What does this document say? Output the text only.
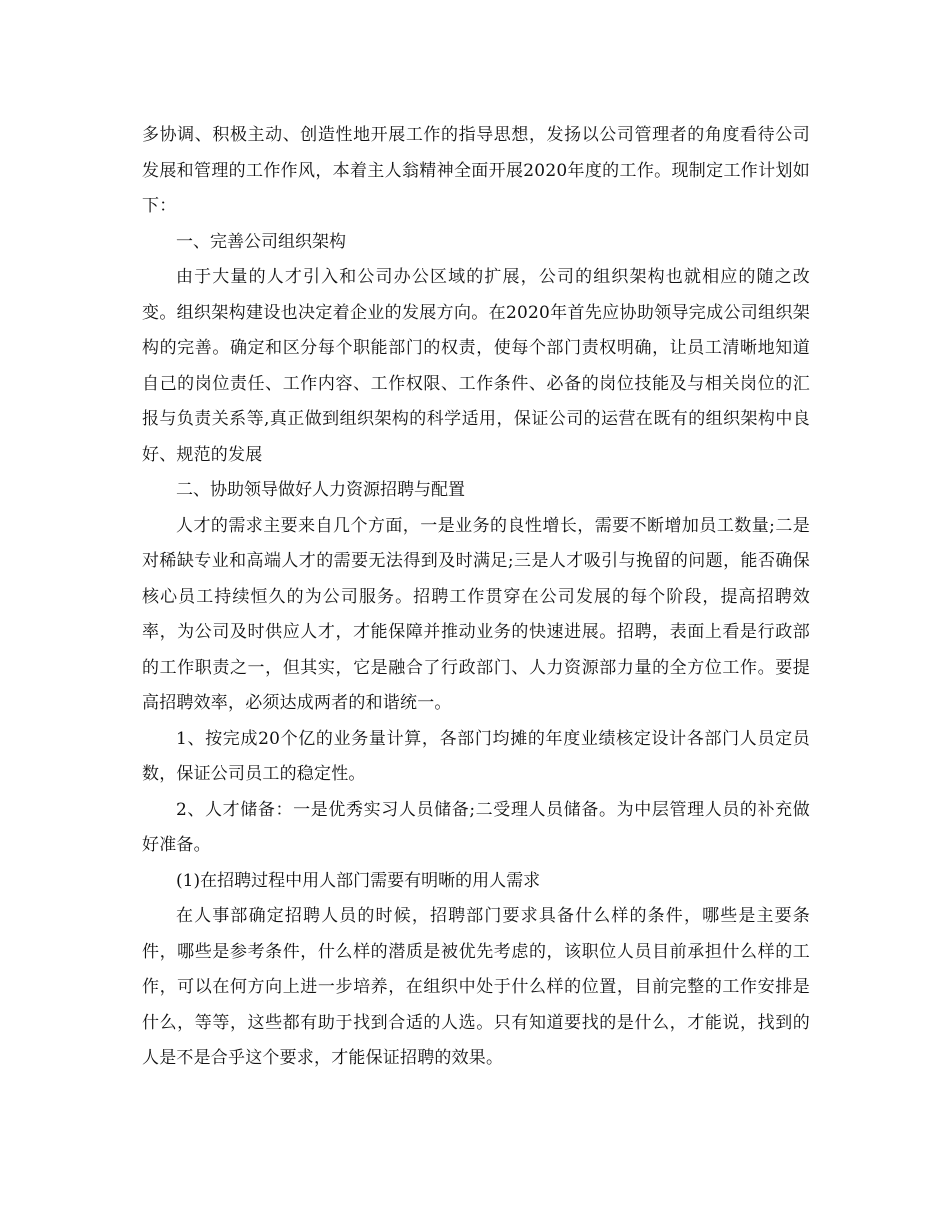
多协调、积极主动、创造性地开展工作的指导思想，发扬以公司管理者的角度看待公司发展和管理的工作作风，本着主人翁精神全面开展2020年度的工作。现制定工作计划如下：

一、完善公司组织架构

由于大量的人才引入和公司办公区域的扩展，公司的组织架构也就相应的随之改变。组织架构建设也决定着企业的发展方向。在2020年首先应协助领导完成公司组织架构的完善。确定和区分每个职能部门的权责，使每个部门责权明确，让员工清晰地知道自己的岗位责任、工作内容、工作权限、工作条件、必备的岗位技能及与相关岗位的汇报与负责关系等,真正做到组织架构的科学适用，保证公司的运营在既有的组织架构中良好、规范的发展

二、协助领导做好人力资源招聘与配置

人才的需求主要来自几个方面，一是业务的良性增长，需要不断增加员工数量;二是对稀缺专业和高端人才的需要无法得到及时满足;三是人才吸引与挽留的问题，能否确保核心员工持续恒久的为公司服务。招聘工作贯穿在公司发展的每个阶段，提高招聘效率，为公司及时供应人才，才能保障并推动业务的快速进展。招聘，表面上看是行政部的工作职责之一，但其实，它是融合了行政部门、人力资源部力量的全方位工作。要提高招聘效率，必须达成两者的和谐统一。

1、按完成20个亿的业务量计算，各部门均摊的年度业绩核定设计各部门人员定员数，保证公司员工的稳定性。

2、人才储备：一是优秀实习人员储备;二受理人员储备。为中层管理人员的补充做好准备。

(1)在招聘过程中用人部门需要有明晰的用人需求

在人事部确定招聘人员的时候，招聘部门要求具备什么样的条件，哪些是主要条件，哪些是参考条件，什么样的潜质是被优先考虑的，该职位人员目前承担什么样的工作，可以在何方向上进一步培养，在组织中处于什么样的位置，目前完整的工作安排是什么，等等，这些都有助于找到合适的人选。只有知道要找的是什么，才能说，找到的人是不是合乎这个要求，才能保证招聘的效果。
